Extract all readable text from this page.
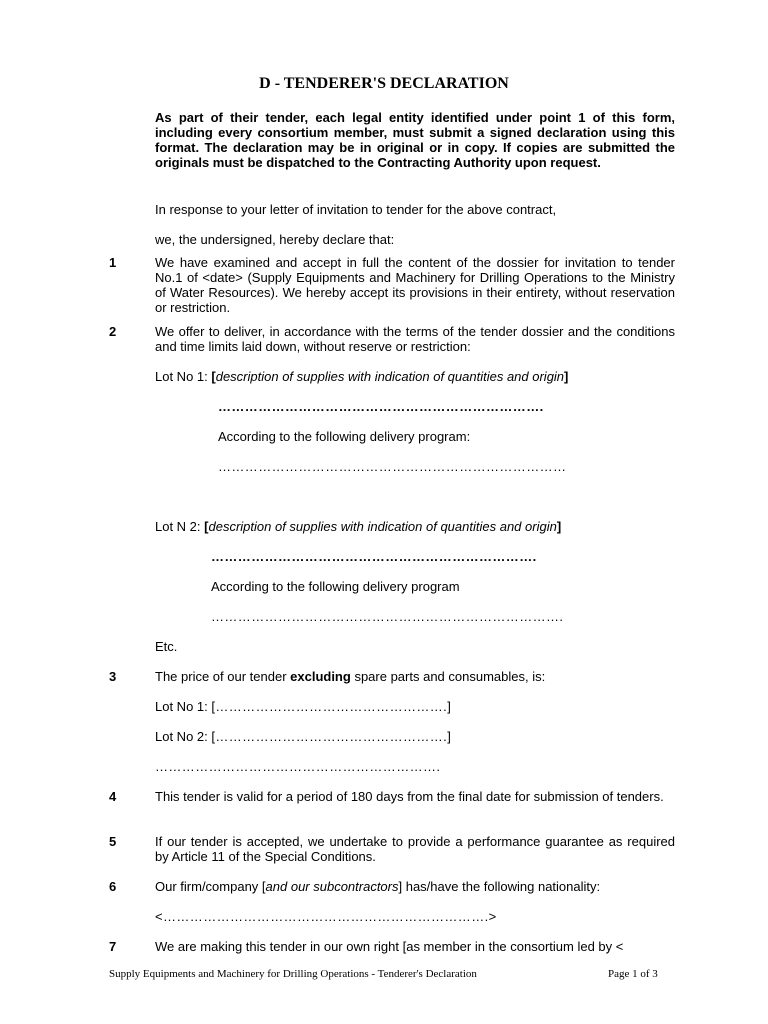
D - TENDERER'S DECLARATION
As part of their tender, each legal entity identified under point 1 of this form, including every consortium member, must submit a signed declaration using this format. The declaration may be in original or in copy. If copies are submitted the originals must be dispatched to the Contracting Authority upon request.
In response to your letter of invitation to tender for the above contract,
we, the undersigned, hereby declare that:
1	We have examined and accept in full the content of the dossier for invitation to tender No.1 of <date> (Supply Equipments and Machinery for Drilling Operations to the Ministry of Water Resources). We hereby accept its provisions in their entirety, without reservation or restriction.
2	We offer to deliver, in accordance with the terms of the tender dossier and the conditions and time limits laid down, without reserve or restriction:
Lot No 1: [description of supplies with indication of quantities and origin]
……………………………………………………………….
According to the following delivery program:
……………………………………………………………………
Lot N 2: [description of supplies with indication of quantities and origin]
……………………………………………………………….
According to the following delivery program
…………………………………………………………………….
Etc.
3	The price of our tender excluding spare parts and consumables, is:
Lot No 1: […………………………………………….]
Lot No 2: […………………………………………….]
……………………………………………………….
4	This tender is valid for a period of 180 days from the final date for submission of tenders.
5	If our tender is accepted, we undertake to provide a performance guarantee as required by Article 11 of the Special Conditions.
6	Our firm/company [and our subcontractors] has/have the following nationality:
<……………………………………………………………….>
7	We are making this tender in our own right [as member in the consortium led by <
Supply Equipments and Machinery for Drilling Operations - Tenderer's Declaration	Page 1 of 3
